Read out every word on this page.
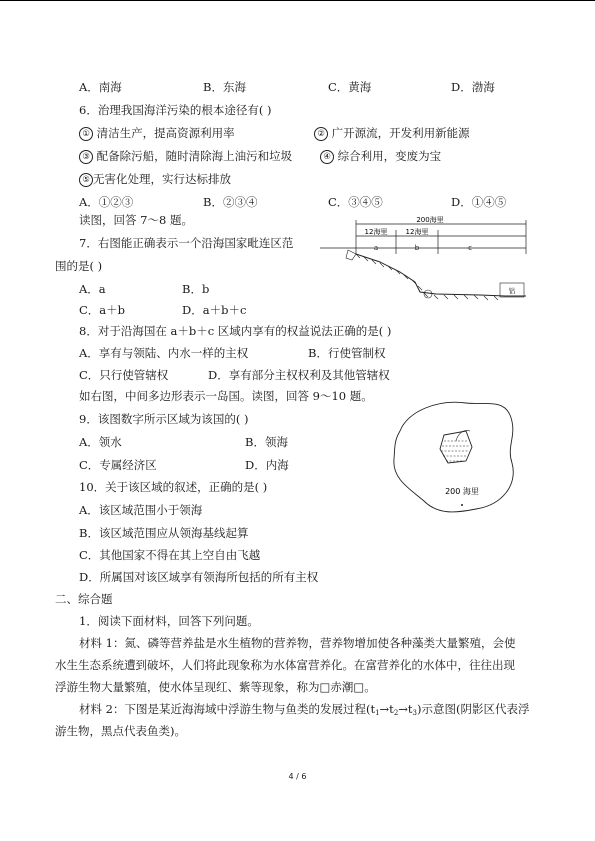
A．南海	B．东海	C．黄海	D．渤海
6．治理我国海洋污染的根本途径有( )
① 清洁生产，提高资源利用率	② 广开源流，开发利用新能源
③ 配备除污船，随时清除海上油污和垃圾	④ 综合利用，变废为宝
⑤ 无害化处理，实行达标排放
A．①②③	B．②③④	C．③④⑤	D．①④⑤
读图，回答 7～8 题。	200海里
12海里	12海里
a	b	c
钻
7．右图能正确表示一个沿海国家毗连区范
围的是( )
A．a	B．b
C．a＋b	D．a＋b＋c
8．对于沿海国在 a＋b＋c 区域内享有的权益说法正确的是( )
A．享有与领陆、内水一样的主权	B．行使管制权
C．只行使管辖权	D．享有部分主权权利及其他管辖权
如右图，中间多边形表示一岛国。读图，回答 9～10 题。
200 海里
9．该图数字所示区域为该国的( )
A．领水	B．领海
C．专属经济区	D．内海
10．关于该区域的叙述，正确的是( )
A．该区域范围小于领海
B．该区域范围应从领海基线起算
C．其他国家不得在其上空自由飞越
D．所属国对该区域享有领海所包括的所有主权
二、综合题
1．阅读下面材料，回答下列问题。
材料 1：氮、磷等营养盐是水生植物的营养物，营养物增加使各种藻类大量繁殖，会使
水生生态系统遭到破坏，人们将此现象称为水体富营养化。在富营养化的水体中，往往出现
浮游生物大量繁殖，使水体呈现红、紫等现象，称为□赤潮□。
材料 2：下图是某近海海域中浮游生物与鱼类的发展过程$(t_1\to t_2\to t_3)$示意图(阴影区代表浮
游生物，黑点代表鱼类)。
4 / 6
